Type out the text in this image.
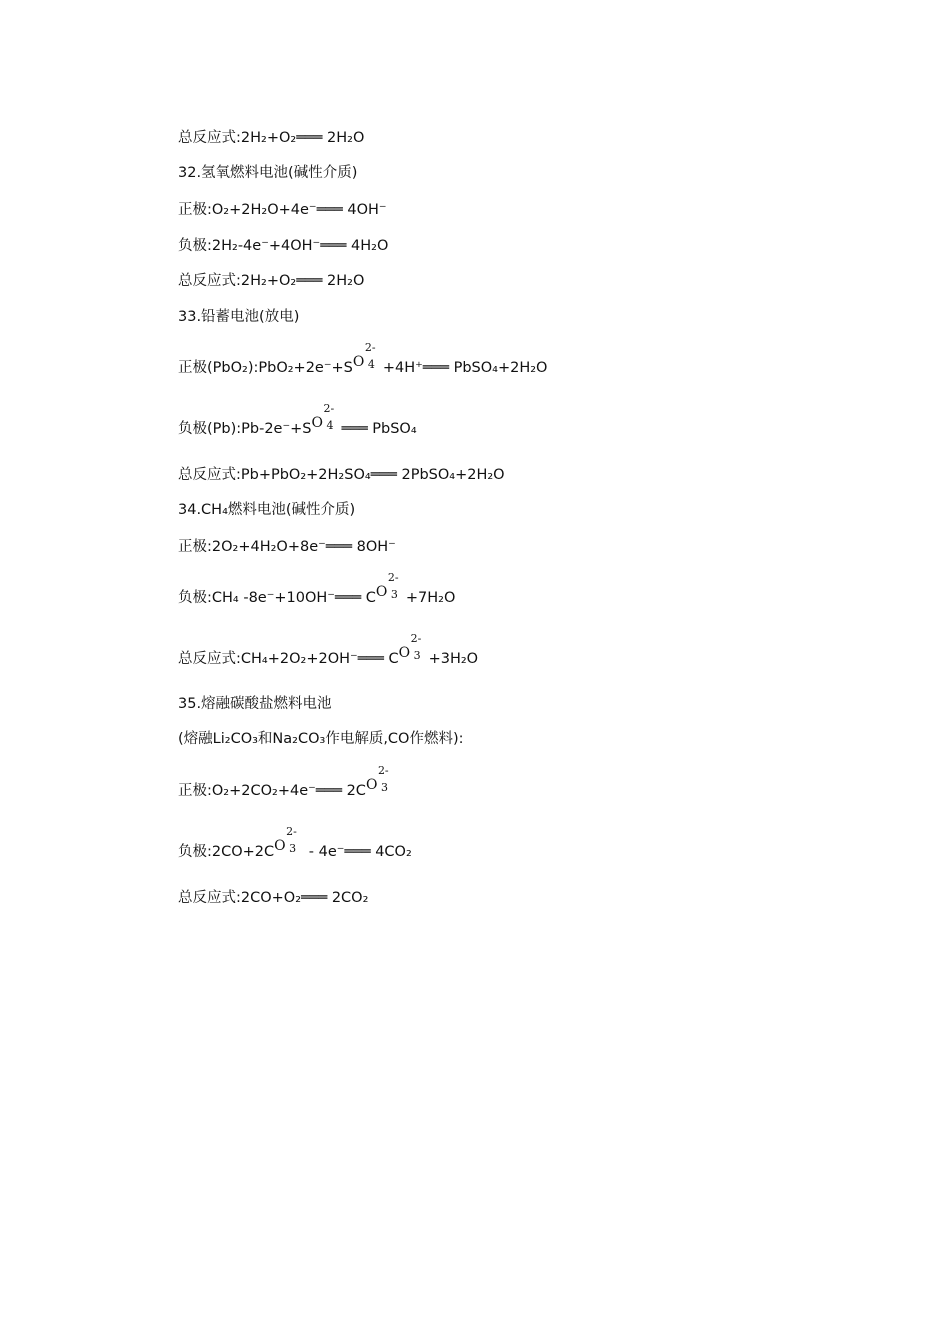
总反应式:2H₂+O₂═══ 2H₂O
32.氢氧燃料电池(碱性介质)
正极:O₂+2H₂O+4e⁻═══ 4OH⁻
负极:2H₂-4e⁻+4OH⁻═══ 4H₂O
总反应式:2H₂+O₂═══ 2H₂O
33.铅蓄电池(放电)
正极(PbO₂):PbO₂+2e⁻+S O
2-
4 +4H⁺═══ PbSO₄+2H₂O
负极(Pb):Pb-2e⁻+S O
2-
4 ═══ PbSO₄
总反应式:Pb+PbO₂+2H₂SO₄═══ 2PbSO₄+2H₂O
34.CH₄燃料电池(碱性介质)
正极:2O₂+4H₂O+8e⁻═══ 8OH⁻
负极:CH₄ -8e⁻+10OH⁻═══ C O
2-
3 +7H₂O
总反应式:CH₄+2O₂+2OH⁻═══ C O
2-
3 +3H₂O
35.熔融碳酸盐燃料电池
(熔融Li₂CO₃和Na₂CO₃作电解质,CO作燃料):
正极:O₂+2CO₂+4e⁻═══ 2C O
2-
3
负极:2CO+2C O
2-
3 - 4e⁻═══ 4CO₂
总反应式:2CO+O₂═══ 2CO₂
